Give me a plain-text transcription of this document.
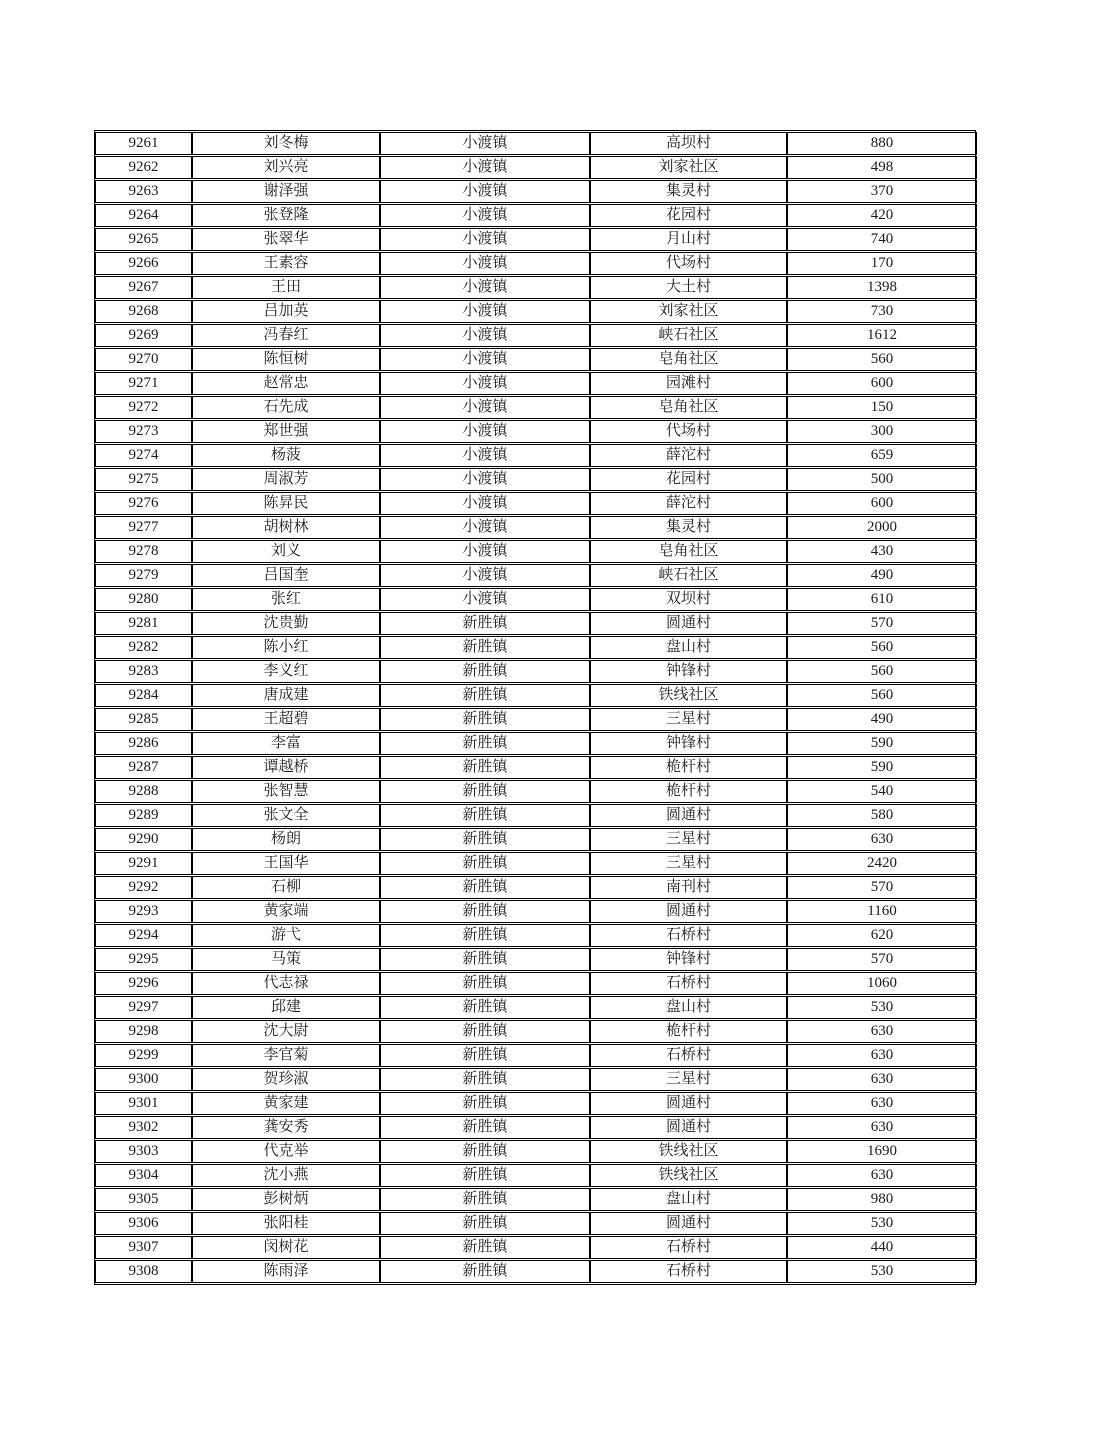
9261	刘冬梅	小渡镇	高坝村	880
9262	刘兴亮	小渡镇	刘家社区	498
9263	谢泽强	小渡镇	集灵村	370
9264	张登隆	小渡镇	花园村	420
9265	张翠华	小渡镇	月山村	740
9266	王素容	小渡镇	代场村	170
9267	王田	小渡镇	大土村	1398
9268	吕加英	小渡镇	刘家社区	730
9269	冯春红	小渡镇	峡石社区	1612
9270	陈恒树	小渡镇	皂角社区	560
9271	赵常忠	小渡镇	园滩村	600
9272	石先成	小渡镇	皂角社区	150
9273	郑世强	小渡镇	代场村	300
9274	杨菠	小渡镇	薛沱村	659
9275	周淑芳	小渡镇	花园村	500
9276	陈昇民	小渡镇	薛沱村	600
9277	胡树林	小渡镇	集灵村	2000
9278	刘义	小渡镇	皂角社区	430
9279	吕国奎	小渡镇	峡石社区	490
9280	张红	小渡镇	双坝村	610
9281	沈贵勤	新胜镇	圆通村	570
9282	陈小红	新胜镇	盘山村	560
9283	李义红	新胜镇	钟锋村	560
9284	唐成建	新胜镇	铁线社区	560
9285	王超碧	新胜镇	三星村	490
9286	李富	新胜镇	钟锋村	590
9287	谭越桥	新胜镇	桅杆村	590
9288	张智慧	新胜镇	桅杆村	540
9289	张文全	新胜镇	圆通村	580
9290	杨朗	新胜镇	三星村	630
9291	王国华	新胜镇	三星村	2420
9292	石柳	新胜镇	南刊村	570
9293	黄家端	新胜镇	圆通村	1160
9294	游弋	新胜镇	石桥村	620
9295	马策	新胜镇	钟锋村	570
9296	代志禄	新胜镇	石桥村	1060
9297	邱建	新胜镇	盘山村	530
9298	沈大尉	新胜镇	桅杆村	630
9299	李官菊	新胜镇	石桥村	630
9300	贺珍淑	新胜镇	三星村	630
9301	黄家建	新胜镇	圆通村	630
9302	龚安秀	新胜镇	圆通村	630
9303	代克举	新胜镇	铁线社区	1690
9304	沈小燕	新胜镇	铁线社区	630
9305	彭树炳	新胜镇	盘山村	980
9306	张阳桂	新胜镇	圆通村	530
9307	闵树花	新胜镇	石桥村	440
9308	陈雨泽	新胜镇	石桥村	530
